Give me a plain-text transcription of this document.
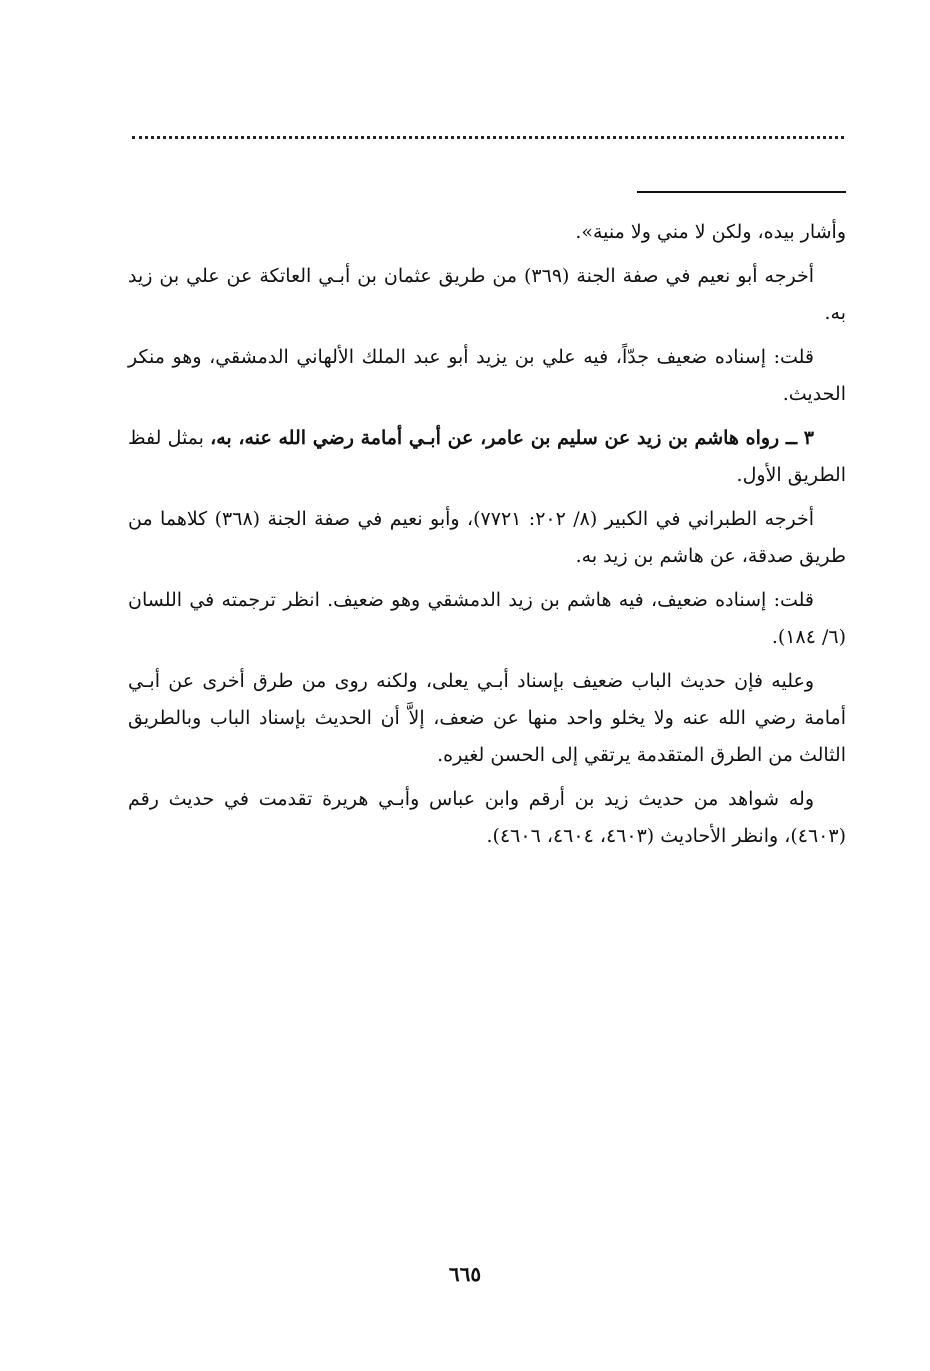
وأشار بيده، ولكن لا مني ولا منية».

أخرجه أبو نعيم في صفة الجنة (٣٦٩) من طريق عثمان بن أبـي العاتكة عن علي بن زيد به.

قلت: إسناده ضعيف جدّاً، فيه علي بن يزيد أبو عبد الملك الألهاني الدمشقي، وهو منكر الحديث.

٣ ــ رواه هاشم بن زيد عن سليم بن عامر، عن أبـي أمامة رضي الله عنه، به، بمثل لفظ الطريق الأول.

أخرجه الطبراني في الكبير (٨/ ٢٠٢: ٧٧٢١)، وأبو نعيم في صفة الجنة (٣٦٨) كلاهما من طريق صدقة، عن هاشم بن زيد به.

قلت: إسناده ضعيف، فيه هاشم بن زيد الدمشقي وهو ضعيف. انظر ترجمته في اللسان (٦/ ١٨٤).

وعليه فإن حديث الباب ضعيف بإسناد أبـي يعلى، ولكنه روى من طرق أخرى عن أبـي أمامة رضي الله عنه ولا يخلو واحد منها عن ضعف، إلاَّ أن الحديث بإسناد الباب وبالطريق الثالث من الطرق المتقدمة يرتقي إلى الحسن لغيره.

وله شواهد من حديث زيد بن أرقم وابن عباس وأبـي هريرة تقدمت في حديث رقم (٤٦٠٣)، وانظر الأحاديث (٤٦٠٣، ٤٦٠٤، ٤٦٠٦).

٦٦٥
